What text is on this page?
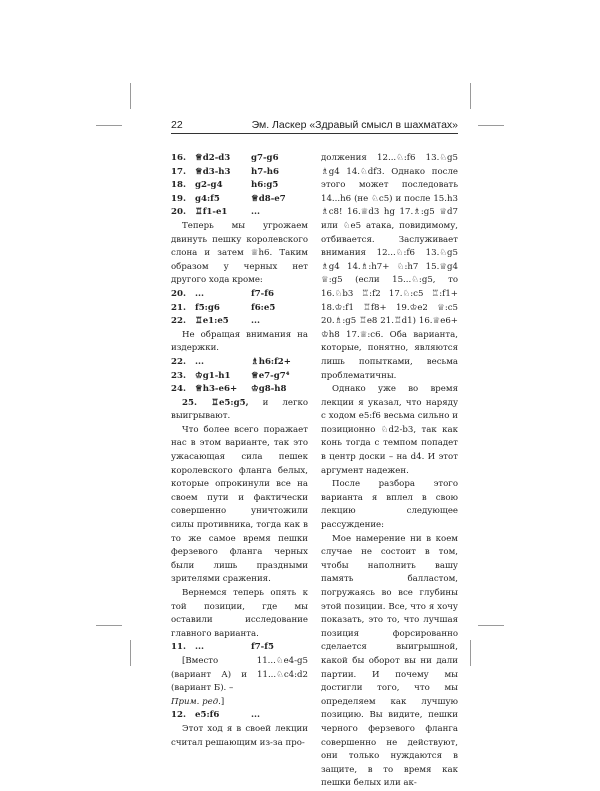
22	Эм. Ласкер «Здравый смысл в шахматах»
16.	♕d2-d3	g7-g6
17.	♕d3-h3	h7-h6
18.	g2-g4	h6:g5
19.	g4:f5	♕d8-e7
20.	♖f1-e1	...

Теперь мы угрожаем двинуть пешку королевского слона и затем ♕h6. Таким образом у черных нет другого хода кроме:

20.	...	f7-f6
21.	f5:g6	f6:e5
22.	♖e1:e5	...

Не обращая внимания на издержки.

22.	...	♗h6:f2+
23.	♔g1-h1	♕e7-g7⁴
24.	♕h3-e6+	♔g8-h8

25. ♖e5:g5, и легко выигрывают.

Что более всего поражает нас в этом варианте, так это ужасающая сила пешек королевского фланга белых, которые опрокинули все на своем пути и фактически совершенно уничтожили силы противника, тогда как в то же самое время пешки ферзевого фланга черных были лишь праздными зрителями сражения.

Вернемся теперь опять к той позиции, где мы оставили исследование главного варианта.

11.	...	f7-f5

[Вместо 11...♘e4-g5 (вариант А) и 11...♘c4:d2 (вариант Б). –

Прим. ред.]

12.	e5:f6	...

Этот ход я в своей лекции считал решающим из-за про-

должения 12...♘:f6 13.♘g5 ♗g4 14.♘df3. Однако после этого может последовать 14...h6 (не ♘c5) и после 15.h3 ♗c8! 16.♕d3 hg 17.♗:g5 ♕d7 или ♘e5 атака, повидимому, отбивается. Заслуживает внимания 12...♘:f6 13.♘g5 ♗g4 14.♗:h7+ ♘:h7 15.♕g4 ♕:g5 (если 15...♘:g5, то 16.♘b3 ♖:f2 17.♘:c5 ♖:f1+ 18.♔:f1 ♖f8+ 19.♔e2 ♕:c5 20.♗:g5 ♖e8 21.♖d1) 16.♕e6+ ♔h8 17.♕:c6. Оба варианта, которые, понятно, являются лишь попытками, весьма проблематичны.

Однако уже во время лекции я указал, что наряду с ходом e5:f6 весьма сильно и позиционно ♘d2-b3, так как конь тогда с темпом попадет в центр доски – на d4. И этот аргумент надежен.

После разбора этого варианта я вплел в свою лекцию следующее рассуждение:

Мое намерение ни в коем случае не состоит в том, чтобы наполнить вашу память балластом, погружаясь во все глубины этой позиции. Все, что я хочу показать, это то, что лучшая позиция форсированно сделается выигрышной, какой бы оборот вы ни дали партии. И почему мы достигли того, что мы определяем как лучшую позицию. Вы видите, пешки черного ферзевого фланга совершенно не действуют, они только нуждаются в защите, в то время как пешки белых или ак-
